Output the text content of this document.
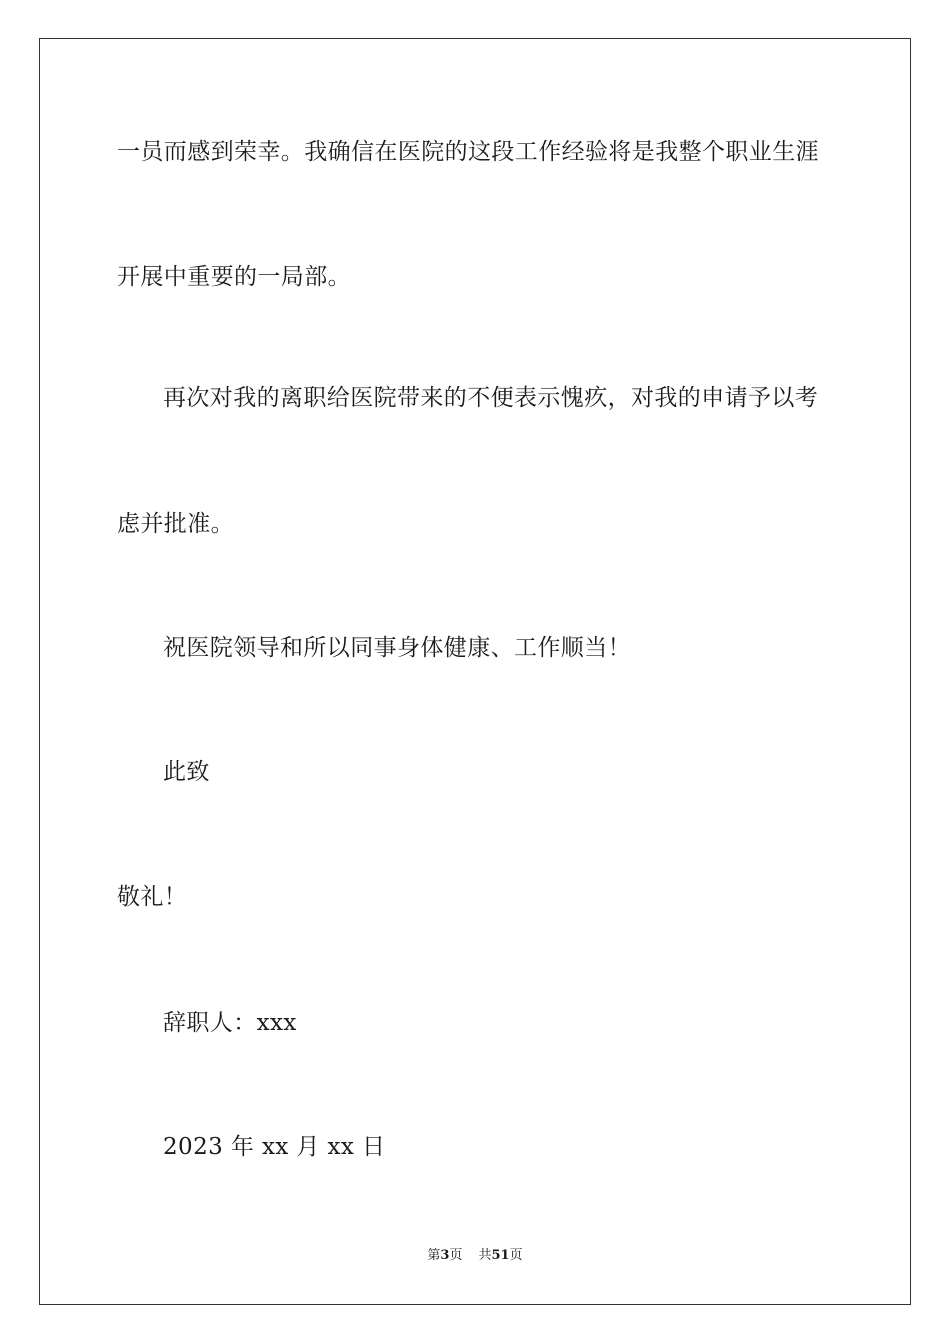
一员而感到荣幸。我确信在医院的这段工作经验将是我整个职业生涯
开展中重要的一局部。
再次对我的离职给医院带来的不便表示愧疚，对我的申请予以考
虑并批准。
祝医院领导和所以同事身体健康、工作顺当！
此致
敬礼！
辞职人：xxx
2023 年 xx 月 xx 日
第3页 共51页
